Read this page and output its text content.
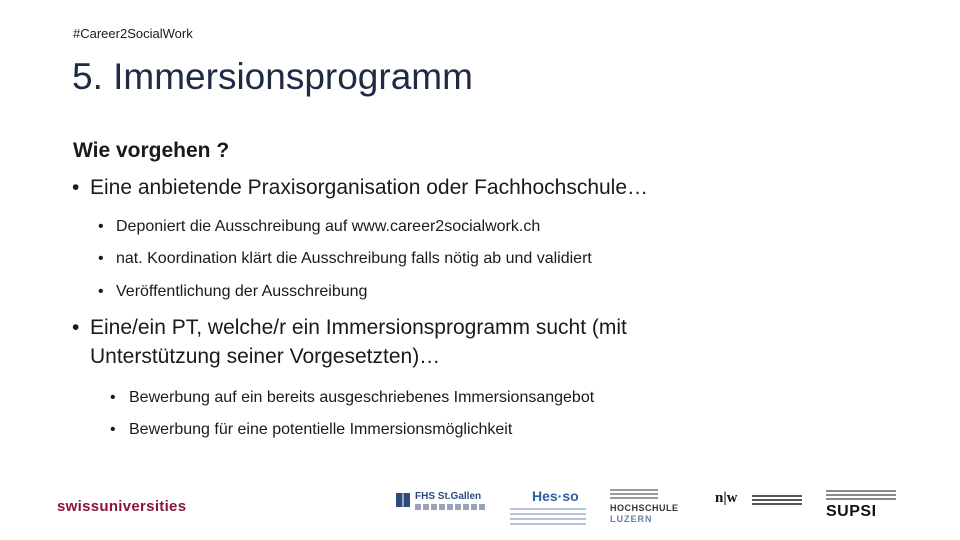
#Career2SocialWork
5. Immersionsprogramm
Wie vorgehen ?
• Eine anbietende Praxisorganisation oder Fachhochschule…
• Deponiert die Ausschreibung auf www.career2socialwork.ch
• nat. Koordination klärt die Ausschreibung falls nötig ab und validiert
• Veröffentlichung der Ausschreibung
• Eine/ein PT, welche/r ein Immersionsprogramm sucht (mit
Unterstützung seiner Vorgesetzten)…
• Bewerbung auf ein bereits ausgeschriebenes Immersionsangebot
• Bewerbung für eine potentielle Immersionsmöglichkeit
swissuniversities
FHS St.Gallen	Hes·so
HOCHSCHULE
LUZERN
n|w
SUPSI
